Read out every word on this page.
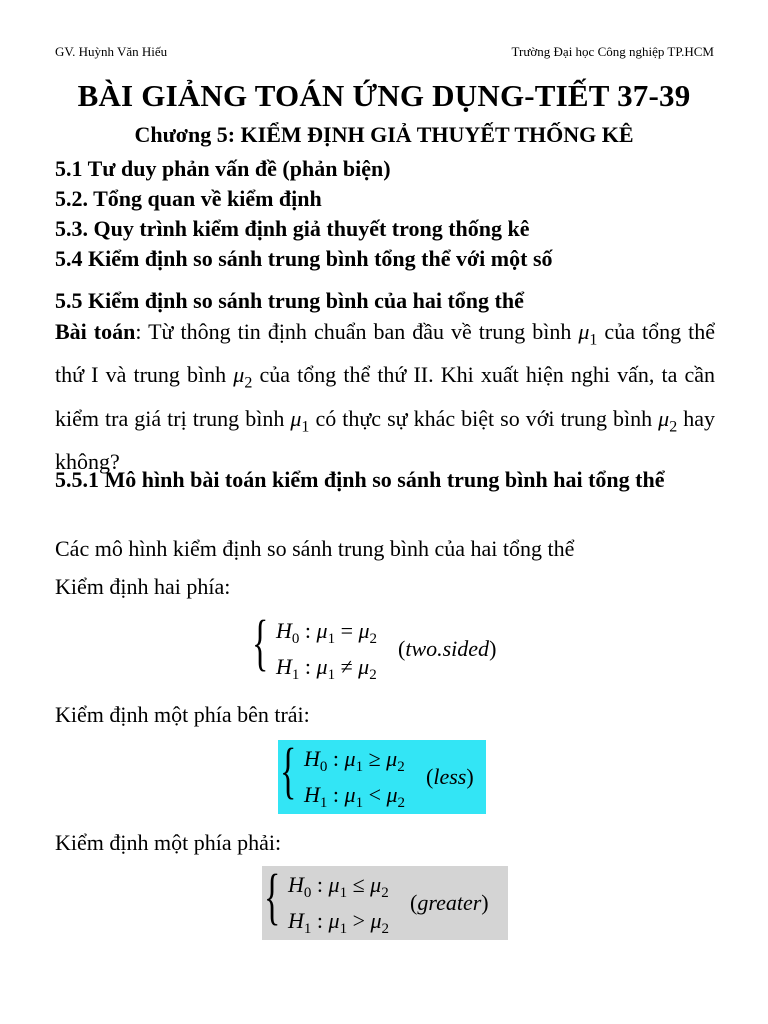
GV. Huỳnh Văn Hiếu	Trường Đại học Công nghiệp TP.HCM
BÀI GIẢNG TOÁN ỨNG DỤNG-TIẾT 37-39
Chương 5: KIỂM ĐỊNH GIẢ THUYẾT THỐNG KÊ
5.1 Tư duy phản vấn đề (phản biện)
5.2. Tổng quan về kiểm định
5.3. Quy trình kiểm định giả thuyết trong thống kê
5.4 Kiểm định so sánh trung bình tổng thể với một số
5.5 Kiểm định so sánh trung bình của hai tổng thể
Bài toán: Từ thông tin định chuẩn ban đầu về trung bình $\mu_1$ của tổng thể thứ I và trung bình $\mu_2$ của tổng thể thứ II. Khi xuất hiện nghi vấn, ta cần kiểm tra giá trị trung bình $\mu_1$ có thực sự khác biệt so với trung bình $\mu_2$ hay không?
5.5.1 Mô hình bài toán kiểm định so sánh trung bình hai tổng thể
Các mô hình kiểm định so sánh trung bình của hai tổng thể
Kiểm định hai phía:
{ $H_0$ : $\mu_1 = \mu_2$
$H_1$ : $\mu_1 \ne \mu_2$
(two.sided)
Kiểm định một phía bên trái:
{ $H_0$ : $\mu_1 \ge \mu_2$
$H_1$ : $\mu_1 < \mu_2$
(less)
Kiểm định một phía phải:
{ $H_0$ : $\mu_1 \le \mu_2$
$H_1$ : $\mu_1 > \mu_2$
(greater)
